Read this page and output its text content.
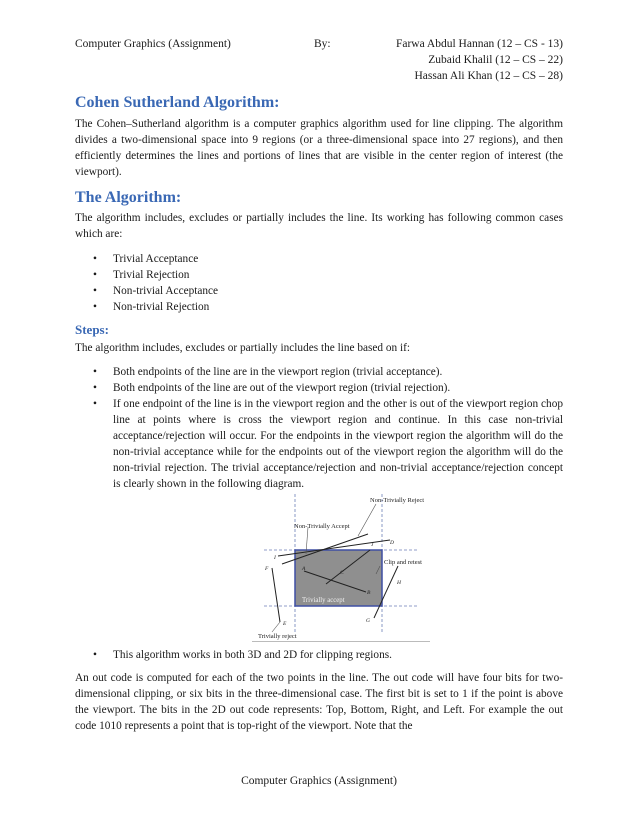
Computer Graphics (Assignment)	By:	Farwa Abdul Hannan (12 – CS - 13)
Zubaid Khalil (12 – CS – 22)
Hassan Ali Khan (12 – CS – 28)
Cohen Sutherland Algorithm:
The Cohen–Sutherland algorithm is a computer graphics algorithm used for line clipping. The algorithm divides a two-dimensional space into 9 regions (or a three-dimensional space into 27 regions), and then efficiently determines the lines and portions of lines that are visible in the center region of interest (the viewport).
The Algorithm:
The algorithm includes, excludes or partially includes the line. Its working has following common cases which are:
• Trivial Acceptance
• Trivial Rejection
• Non-trivial Acceptance
• Non-trivial Rejection
Steps:
The algorithm includes, excludes or partially includes the line based on if:
• Both endpoints of the line are in the viewport region (trivial acceptance).
• Both endpoints of the line are out of the viewport region (trivial rejection).
• If one endpoint of the line is in the viewport region and the other is out of the viewport region chop line at points where is cross the viewport region and continue. In this case non-trivial acceptance/rejection will occur. For the endpoints in the viewport region the algorithm will do the non-trivial acceptance while for the endpoints out of the viewport region the algorithm will do the non-trivial rejection. The trivial acceptance/rejection and non-trivial acceptance/rejection concept is clearly shown in the following diagram.
Non-Trivially Reject
Non-Trivially Accept
Clip and retest
Trivially accept
Trivially reject
A
B
C
D
E
F
G
H
I
J
• This algorithm works in both 3D and 2D for clipping regions.
An out code is computed for each of the two points in the line. The out code will have four bits for two-dimensional clipping, or six bits in the three-dimensional case. The first bit is set to 1 if the point is above the viewport. The bits in the 2D out code represents: Top, Bottom, Right, and Left. For example the out code 1010 represents a point that is top-right of the viewport. Note that the
Computer Graphics (Assignment)
